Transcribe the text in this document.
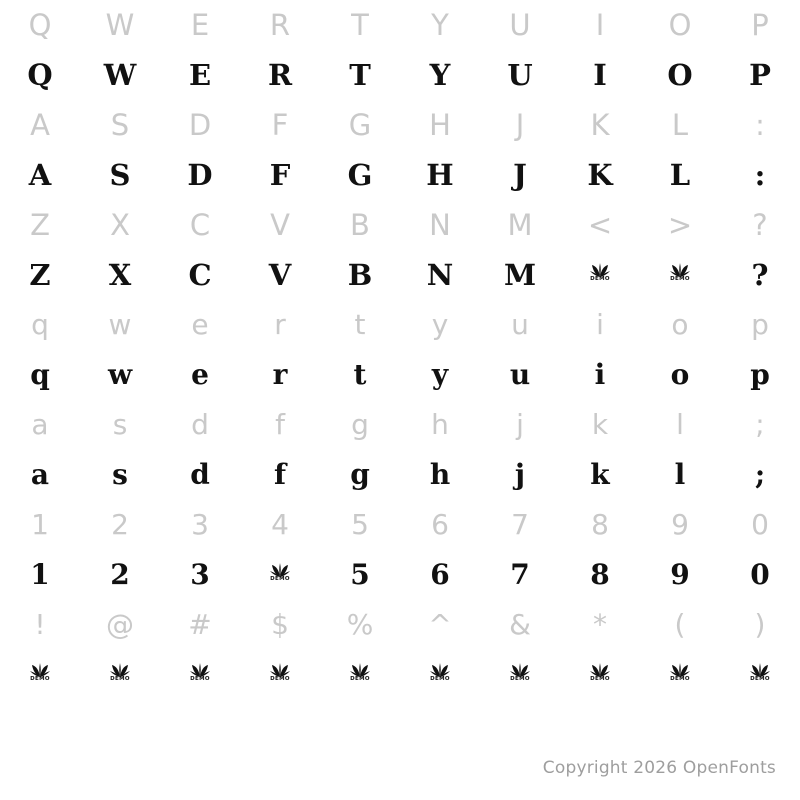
Q W E R T Y U I O P
Q W E R T Y U I O P
A S D F G H J K L :
A S D F G H J K L :
Z X C V B N M < > ?
Z X C V B N M	DEMO	DEMO ?
q w e r t y u i o p
q w e r t y u i o p
a s d f g h j k l	;
a s d f g h j k l ;
1 2 3 4 5 6 7 8 9 0
1 2 3	DEMO 5 6 7 8 9 0
! @ # $ % ^ & * ( )
DEMO	DEMO	DEMO	DEMO	DEMO	DEMO	DEMO	DEMO	DEMO	DEMO
Copyright 2026 OpenFonts
